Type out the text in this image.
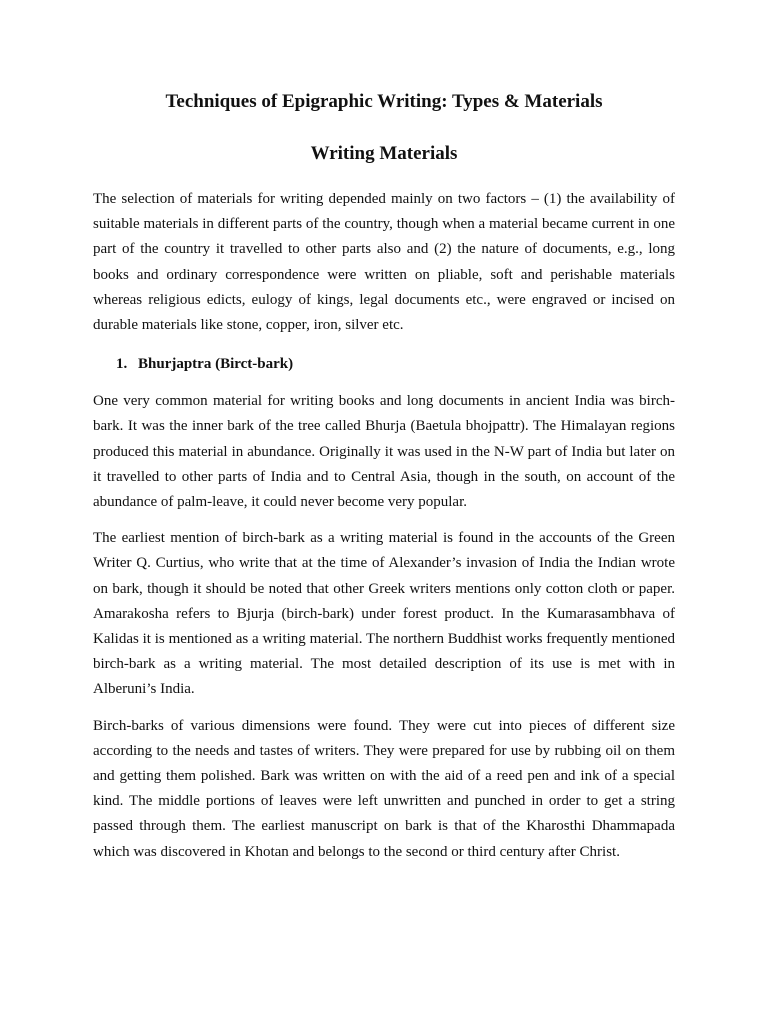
Techniques of Epigraphic Writing: Types & Materials
Writing Materials

The selection of materials for writing depended mainly on two factors – (1) the availability of suitable materials in different parts of the country, though when a material became current in one part of the country it travelled to other parts also and (2) the nature of documents, e.g., long books and ordinary correspondence were written on pliable, soft and perishable materials whereas religious edicts, eulogy of kings, legal documents etc., were engraved or incised on durable materials like stone, copper, iron, silver etc.

1. Bhurjaptra (Birct-bark)

One very common material for writing books and long documents in ancient India was birch-bark. It was the inner bark of the tree called Bhurja (Baetula bhojpattr). The Himalayan regions produced this material in abundance. Originally it was used in the N-W part of India but later on it travelled to other parts of India and to Central Asia, though in the south, on account of the abundance of palm-leave, it could never become very popular.

The earliest mention of birch-bark as a writing material is found in the accounts of the Green Writer Q. Curtius, who write that at the time of Alexander’s invasion of India the Indian wrote on bark, though it should be noted that other Greek writers mentions only cotton cloth or paper. Amarakosha refers to Bjurja (birch-bark) under forest product. In the Kumarasambhava of Kalidas it is mentioned as a writing material. The northern Buddhist works frequently mentioned birch-bark as a writing material. The most detailed description of its use is met with in Alberuni’s India.

Birch-barks of various dimensions were found. They were cut into pieces of different size according to the needs and tastes of writers. They were prepared for use by rubbing oil on them and getting them polished. Bark was written on with the aid of a reed pen and ink of a special kind. The middle portions of leaves were left unwritten and punched in order to get a string passed through them. The earliest manuscript on bark is that of the Kharosthi Dhammapada which was discovered in Khotan and belongs to the second or third century after Christ.
